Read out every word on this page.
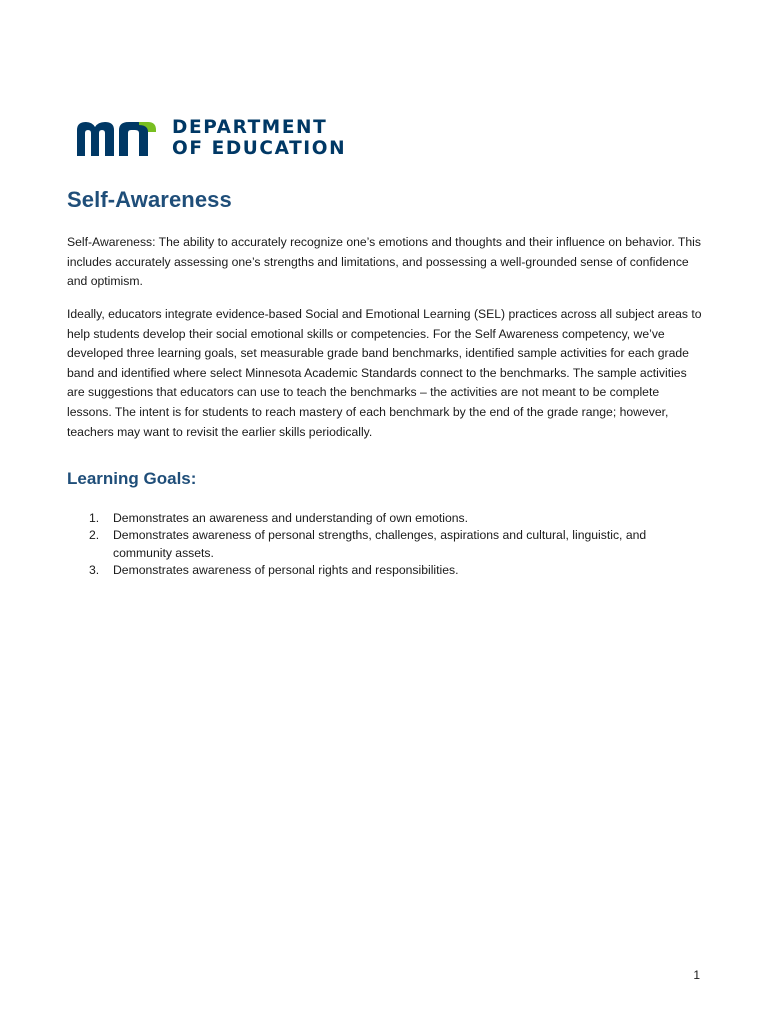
DEPARTMENT
OF EDUCATION
Self-Awareness

Self-Awareness: The ability to accurately recognize one’s emotions and thoughts and their influence on behavior. This includes accurately assessing one’s strengths and limitations, and possessing a well-grounded sense of confidence and optimism.

Ideally, educators integrate evidence-based Social and Emotional Learning (SEL) practices across all subject areas to help students develop their social emotional skills or competencies. For the Self Awareness competency, we’ve developed three learning goals, set measurable grade band benchmarks, identified sample activities for each grade band and identified where select Minnesota Academic Standards connect to the benchmarks. The sample activities are suggestions that educators can use to teach the benchmarks – the activities are not meant to be complete lessons. The intent is for students to reach mastery of each benchmark by the end of the grade range; however, teachers may want to revisit the earlier skills periodically.

Learning Goals:
1. Demonstrates an awareness and understanding of own emotions.
2. Demonstrates awareness of personal strengths, challenges, aspirations and cultural, linguistic, and community assets.
3. Demonstrates awareness of personal rights and responsibilities.
1
